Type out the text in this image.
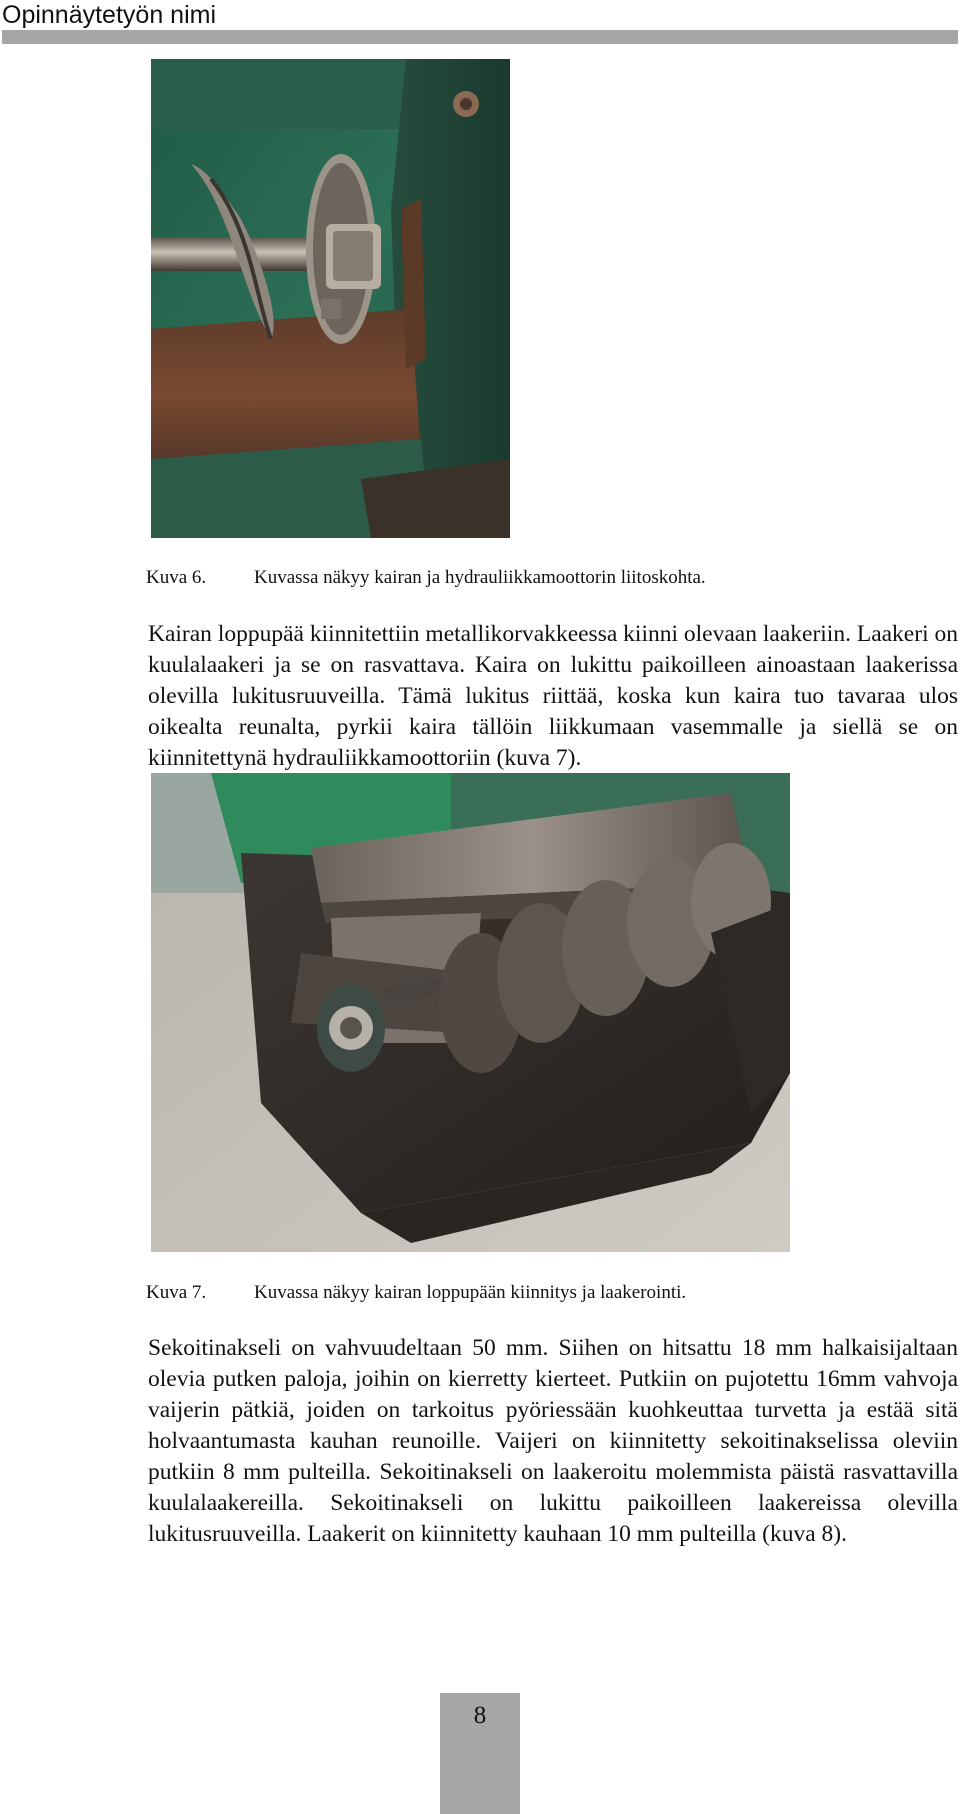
Opinnäytetyön nimi
Kuva 6.	Kuvassa näkyy kairan ja hydrauliikkamoottorin liitoskohta.
Kairan loppupää kiinnitettiin metallikorvakkeessa kiinni olevaan laakeriin. Laakeri on kuulalaakeri ja se on rasvattava. Kaira on lukittu paikoilleen ainoastaan laakerissa olevilla lukitusruuveilla. Tämä lukitus riittää, koska kun kaira tuo tavaraa ulos oikealta reunalta, pyrkii kaira tällöin liikkumaan vasemmalle ja siellä se on kiinnitettynä hydrauliikkamoottoriin (kuva 7).
Kuva 7.	Kuvassa näkyy kairan loppupään kiinnitys ja laakerointi.
Sekoitinakseli on vahvuudeltaan 50 mm. Siihen on hitsattu 18 mm halkaisijaltaan olevia putken paloja, joihin on kierretty kierteet. Putkiin on pujotettu 16mm vahvoja vaijerin pätkiä, joiden on tarkoitus pyöriessään kuohkeuttaa turvetta ja estää sitä holvaantumasta kauhan reunoille. Vaijeri on kiinnitetty sekoitinakselissa oleviin putkiin 8 mm pulteilla. Sekoitinakseli on laakeroitu molemmista päistä rasvattavilla kuulalaakereilla. Sekoitinakseli on lukittu paikoilleen laakereissa olevilla lukitusruuveilla. Laakerit on kiinnitetty kauhaan 10 mm pulteilla (kuva 8).
8
